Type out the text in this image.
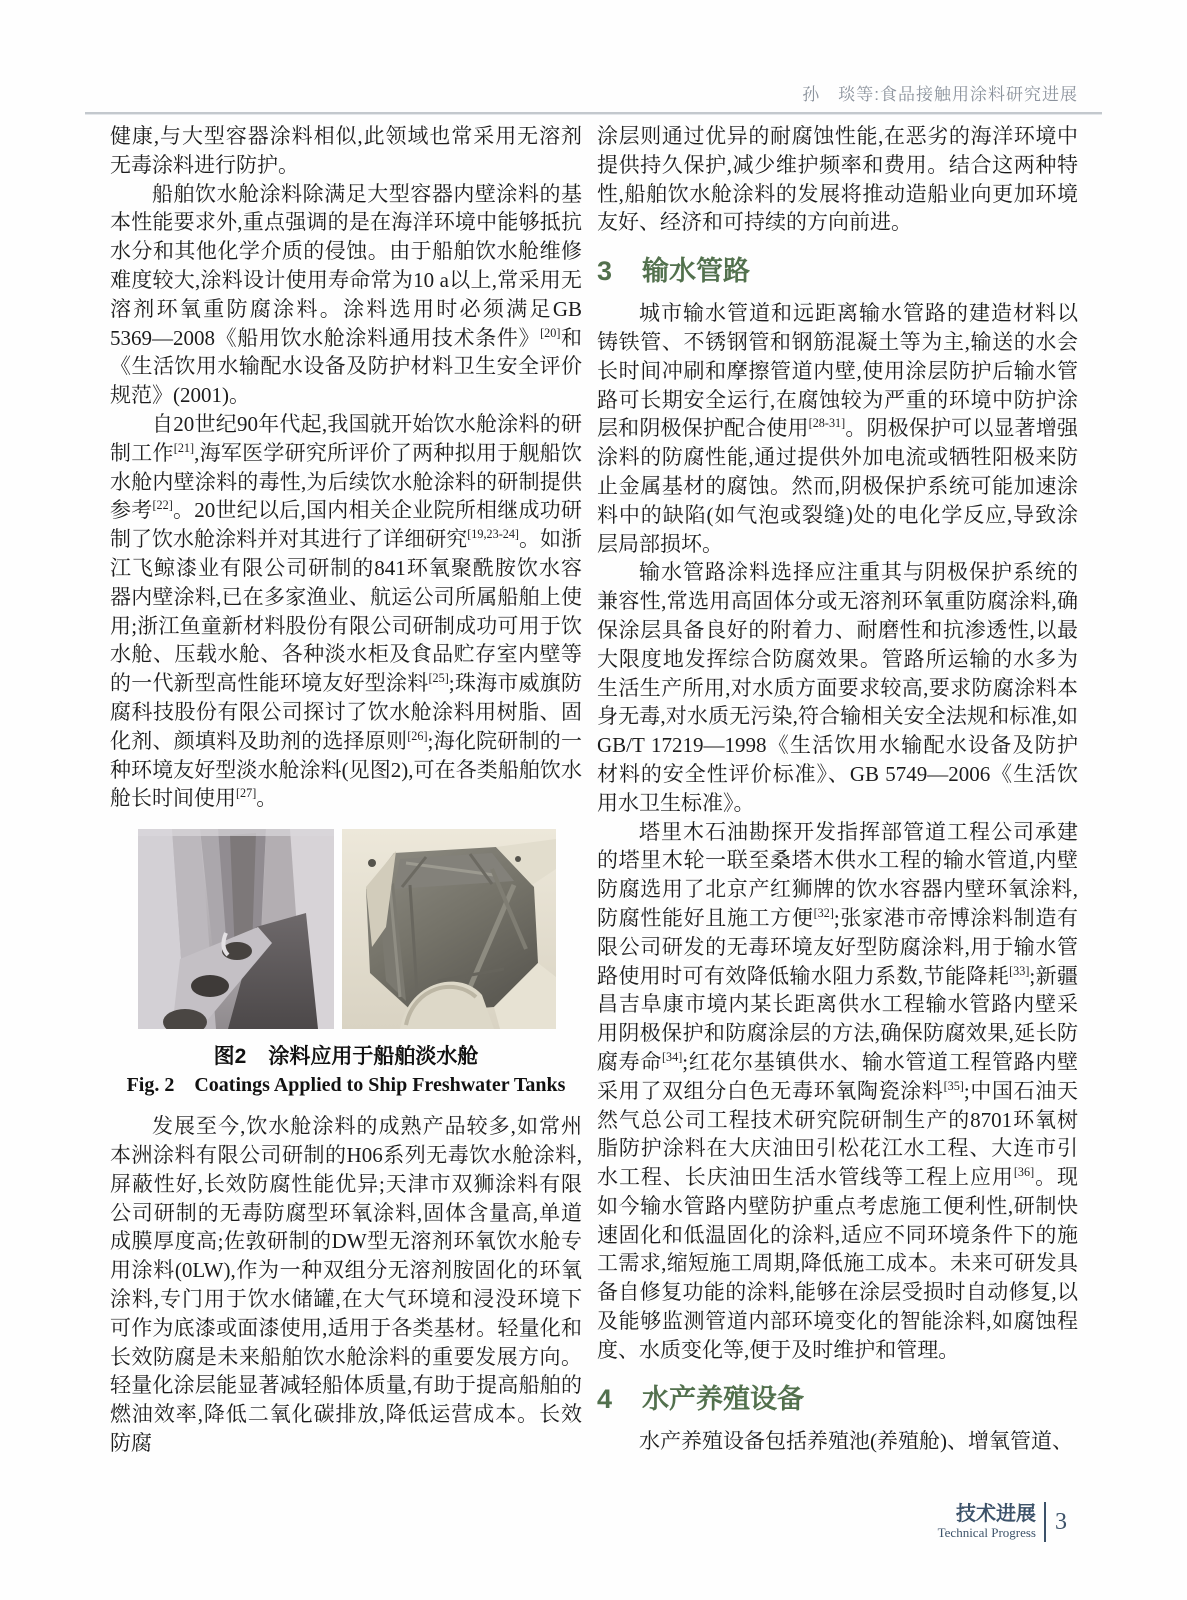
孙　琰等:食品接触用涂料研究进展

健康,与大型容器涂料相似,此领域也常采用无溶剂无毒涂料进行防护。

船舶饮水舱涂料除满足大型容器内壁涂料的基本性能要求外,重点强调的是在海洋环境中能够抵抗水分和其他化学介质的侵蚀。由于船舶饮水舱维修难度较大,涂料设计使用寿命常为10 a以上,常采用无溶剂环氧重防腐涂料。涂料选用时必须满足GB 5369—2008《船用饮水舱涂料通用技术条件》[20]和《生活饮用水输配水设备及防护材料卫生安全评价规范》(2001)。

自20世纪90年代起,我国就开始饮水舱涂料的研制工作[21],海军医学研究所评价了两种拟用于舰船饮水舱内壁涂料的毒性,为后续饮水舱涂料的研制提供参考[22]。20世纪以后,国内相关企业院所相继成功研制了饮水舱涂料并对其进行了详细研究[19,23-24]。如浙江飞鲸漆业有限公司研制的841环氧聚酰胺饮水容器内壁涂料,已在多家渔业、航运公司所属船舶上使用;浙江鱼童新材料股份有限公司研制成功可用于饮水舱、压载水舱、各种淡水柜及食品贮存室内壁等的一代新型高性能环境友好型涂料[25];珠海市威旗防腐科技股份有限公司探讨了饮水舱涂料用树脂、固化剂、颜填料及助剂的选择原则[26];海化院研制的一种环境友好型淡水舱涂料(见图2),可在各类船舶饮水舱长时间使用[27]。

图2 涂料应用于船舶淡水舱
Fig. 2 Coatings Applied to Ship Freshwater Tanks

发展至今,饮水舱涂料的成熟产品较多,如常州本洲涂料有限公司研制的H06系列无毒饮水舱涂料,屏蔽性好,长效防腐性能优异;天津市双狮涂料有限公司研制的无毒防腐型环氧涂料,固体含量高,单道成膜厚度高;佐敦研制的DW型无溶剂环氧饮水舱专用涂料(0LW),作为一种双组分无溶剂胺固化的环氧涂料,专门用于饮水储罐,在大气环境和浸没环境下可作为底漆或面漆使用,适用于各类基材。轻量化和长效防腐是未来船舶饮水舱涂料的重要发展方向。轻量化涂层能显著减轻船体质量,有助于提高船舶的燃油效率,降低二氧化碳排放,降低运营成本。长效防腐

涂层则通过优异的耐腐蚀性能,在恶劣的海洋环境中提供持久保护,减少维护频率和费用。结合这两种特性,船舶饮水舱涂料的发展将推动造船业向更加环境友好、经济和可持续的方向前进。

3 输水管路

城市输水管道和远距离输水管路的建造材料以铸铁管、不锈钢管和钢筋混凝土等为主,输送的水会长时间冲刷和摩擦管道内壁,使用涂层防护后输水管路可长期安全运行,在腐蚀较为严重的环境中防护涂层和阴极保护配合使用[28-31]。阴极保护可以显著增强涂料的防腐性能,通过提供外加电流或牺牲阳极来防止金属基材的腐蚀。然而,阴极保护系统可能加速涂料中的缺陷(如气泡或裂缝)处的电化学反应,导致涂层局部损坏。

输水管路涂料选择应注重其与阴极保护系统的兼容性,常选用高固体分或无溶剂环氧重防腐涂料,确保涂层具备良好的附着力、耐磨性和抗渗透性,以最大限度地发挥综合防腐效果。管路所运输的水多为生活生产所用,对水质方面要求较高,要求防腐涂料本身无毒,对水质无污染,符合输相关安全法规和标准,如GB/T 17219—1998《生活饮用水输配水设备及防护材料的安全性评价标准》、GB 5749—2006《生活饮用水卫生标准》。

塔里木石油勘探开发指挥部管道工程公司承建的塔里木轮一联至桑塔木供水工程的输水管道,内壁防腐选用了北京产红狮牌的饮水容器内壁环氧涂料,防腐性能好且施工方便[32];张家港市帝博涂料制造有限公司研发的无毒环境友好型防腐涂料,用于输水管路使用时可有效降低输水阻力系数,节能降耗[33];新疆昌吉阜康市境内某长距离供水工程输水管路内壁采用阴极保护和防腐涂层的方法,确保防腐效果,延长防腐寿命[34];红花尔基镇供水、输水管道工程管路内壁采用了双组分白色无毒环氧陶瓷涂料[35];中国石油天然气总公司工程技术研究院研制生产的8701环氧树脂防护涂料在大庆油田引松花江水工程、大连市引水工程、长庆油田生活水管线等工程上应用[36]。现如今输水管路内壁防护重点考虑施工便利性,研制快速固化和低温固化的涂料,适应不同环境条件下的施工需求,缩短施工周期,降低施工成本。未来可研发具备自修复功能的涂料,能够在涂层受损时自动修复,以及能够监测管道内部环境变化的智能涂料,如腐蚀程度、水质变化等,便于及时维护和管理。

4 水产养殖设备

水产养殖设备包括养殖池(养殖舱)、增氧管道、

技术进展
Technical Progress 3
